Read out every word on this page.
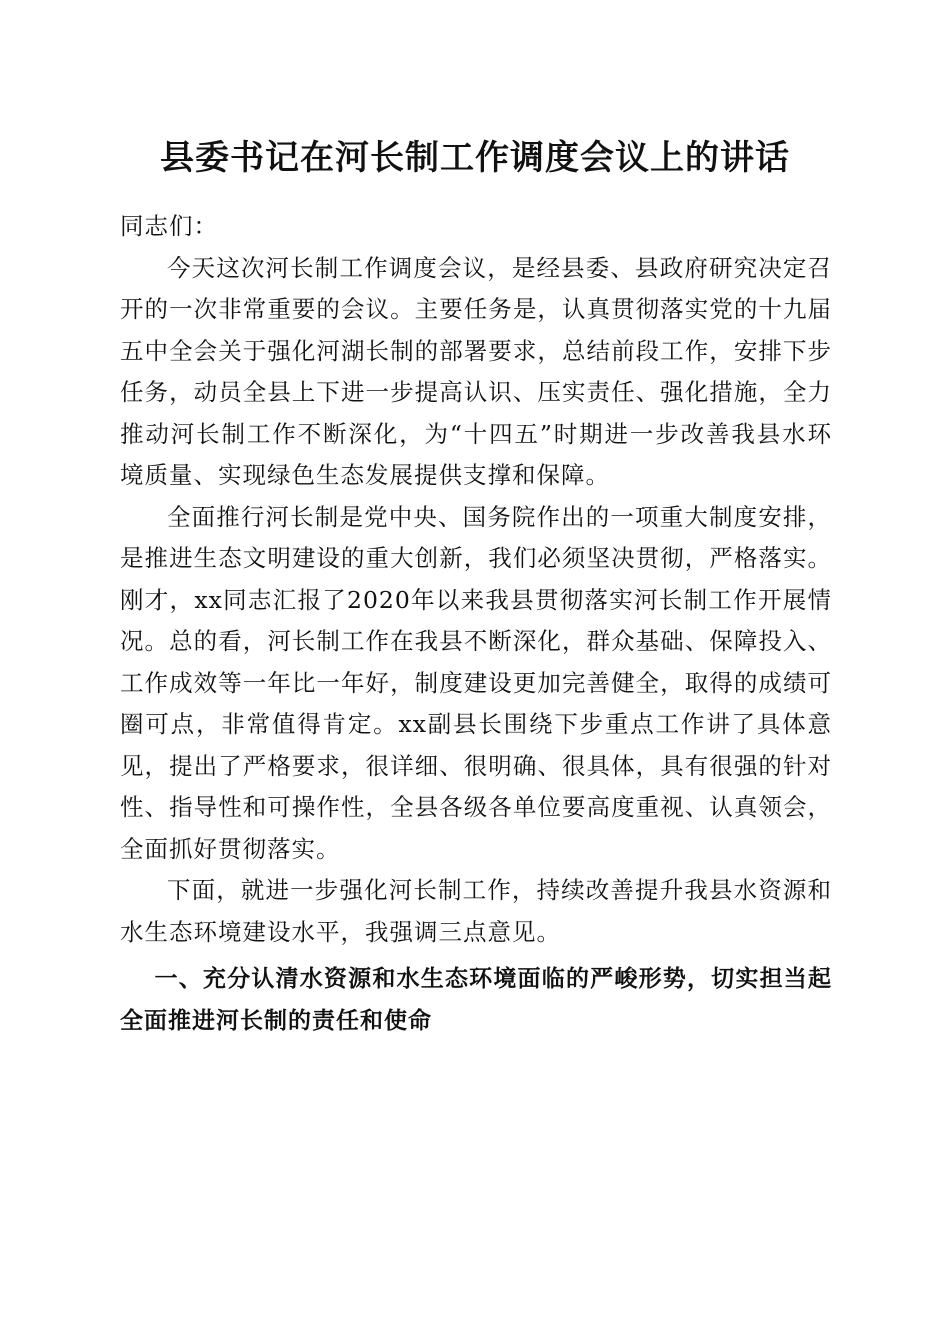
县委书记在河长制工作调度会议上的讲话

同志们：

今天这次河长制工作调度会议，是经县委、县政府研究决定召开的一次非常重要的会议。主要任务是，认真贯彻落实党的十九届五中全会关于强化河湖长制的部署要求，总结前段工作，安排下步任务，动员全县上下进一步提高认识、压实责任、强化措施，全力推动河长制工作不断深化，为“十四五”时期进一步改善我县水环境质量、实现绿色生态发展提供支撑和保障。

全面推行河长制是党中央、国务院作出的一项重大制度安排，是推进生态文明建设的重大创新，我们必须坚决贯彻，严格落实。刚才，xx同志汇报了2020年以来我县贯彻落实河长制工作开展情况。总的看，河长制工作在我县不断深化，群众基础、保障投入、工作成效等一年比一年好，制度建设更加完善健全，取得的成绩可圈可点，非常值得肯定。xx副县长围绕下步重点工作讲了具体意见，提出了严格要求，很详细、很明确、很具体，具有很强的针对性、指导性和可操作性，全县各级各单位要高度重视、认真领会，全面抓好贯彻落实。

下面，就进一步强化河长制工作，持续改善提升我县水资源和水生态环境建设水平，我强调三点意见。

一、充分认清水资源和水生态环境面临的严峻形势，切实担当起全面推进河长制的责任和使命
